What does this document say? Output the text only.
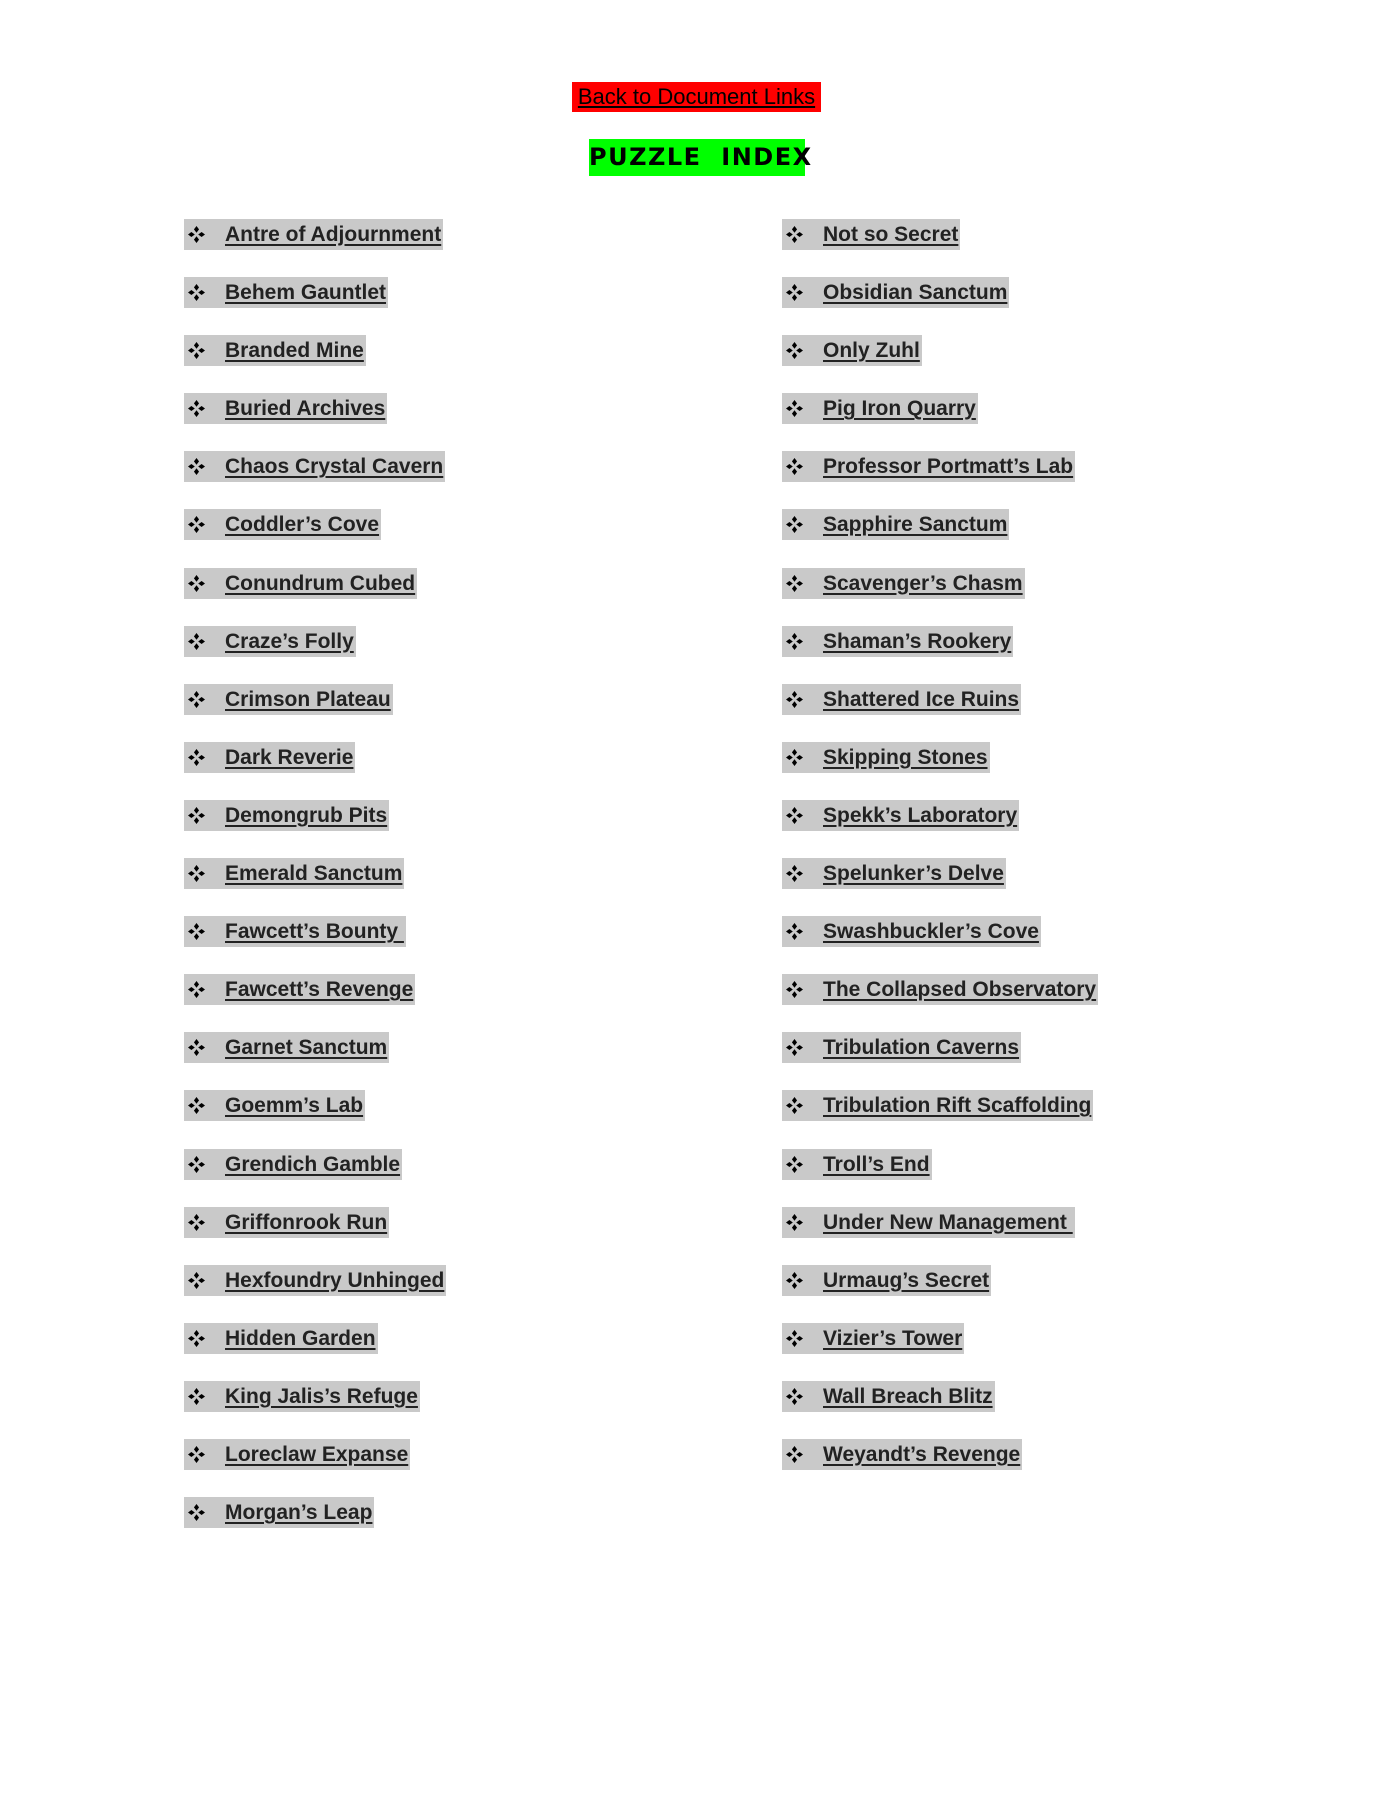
Back to Document Links
PUZZLE  INDEX
Antre of Adjournment
Behem Gauntlet
Branded Mine
Buried Archives
Chaos Crystal Cavern
Coddler’s Cove
Conundrum Cubed
Craze’s Folly
Crimson Plateau
Dark Reverie
Demongrub Pits
Emerald Sanctum
Fawcett’s Bounty
Fawcett’s Revenge
Garnet Sanctum
Goemm’s Lab
Grendich Gamble
Griffonrook Run
Hexfoundry Unhinged
Hidden Garden
King Jalis’s Refuge
Loreclaw Expanse
Morgan’s Leap
Not so Secret
Obsidian Sanctum
Only Zuhl
Pig Iron Quarry
Professor Portmatt’s Lab
Sapphire Sanctum
Scavenger’s Chasm
Shaman’s Rookery
Shattered Ice Ruins
Skipping Stones
Spekk’s Laboratory
Spelunker’s Delve
Swashbuckler’s Cove
The Collapsed Observatory
Tribulation Caverns
Tribulation Rift Scaffolding
Troll’s End
Under New Management
Urmaug’s Secret
Vizier’s Tower
Wall Breach Blitz
Weyandt’s Revenge
